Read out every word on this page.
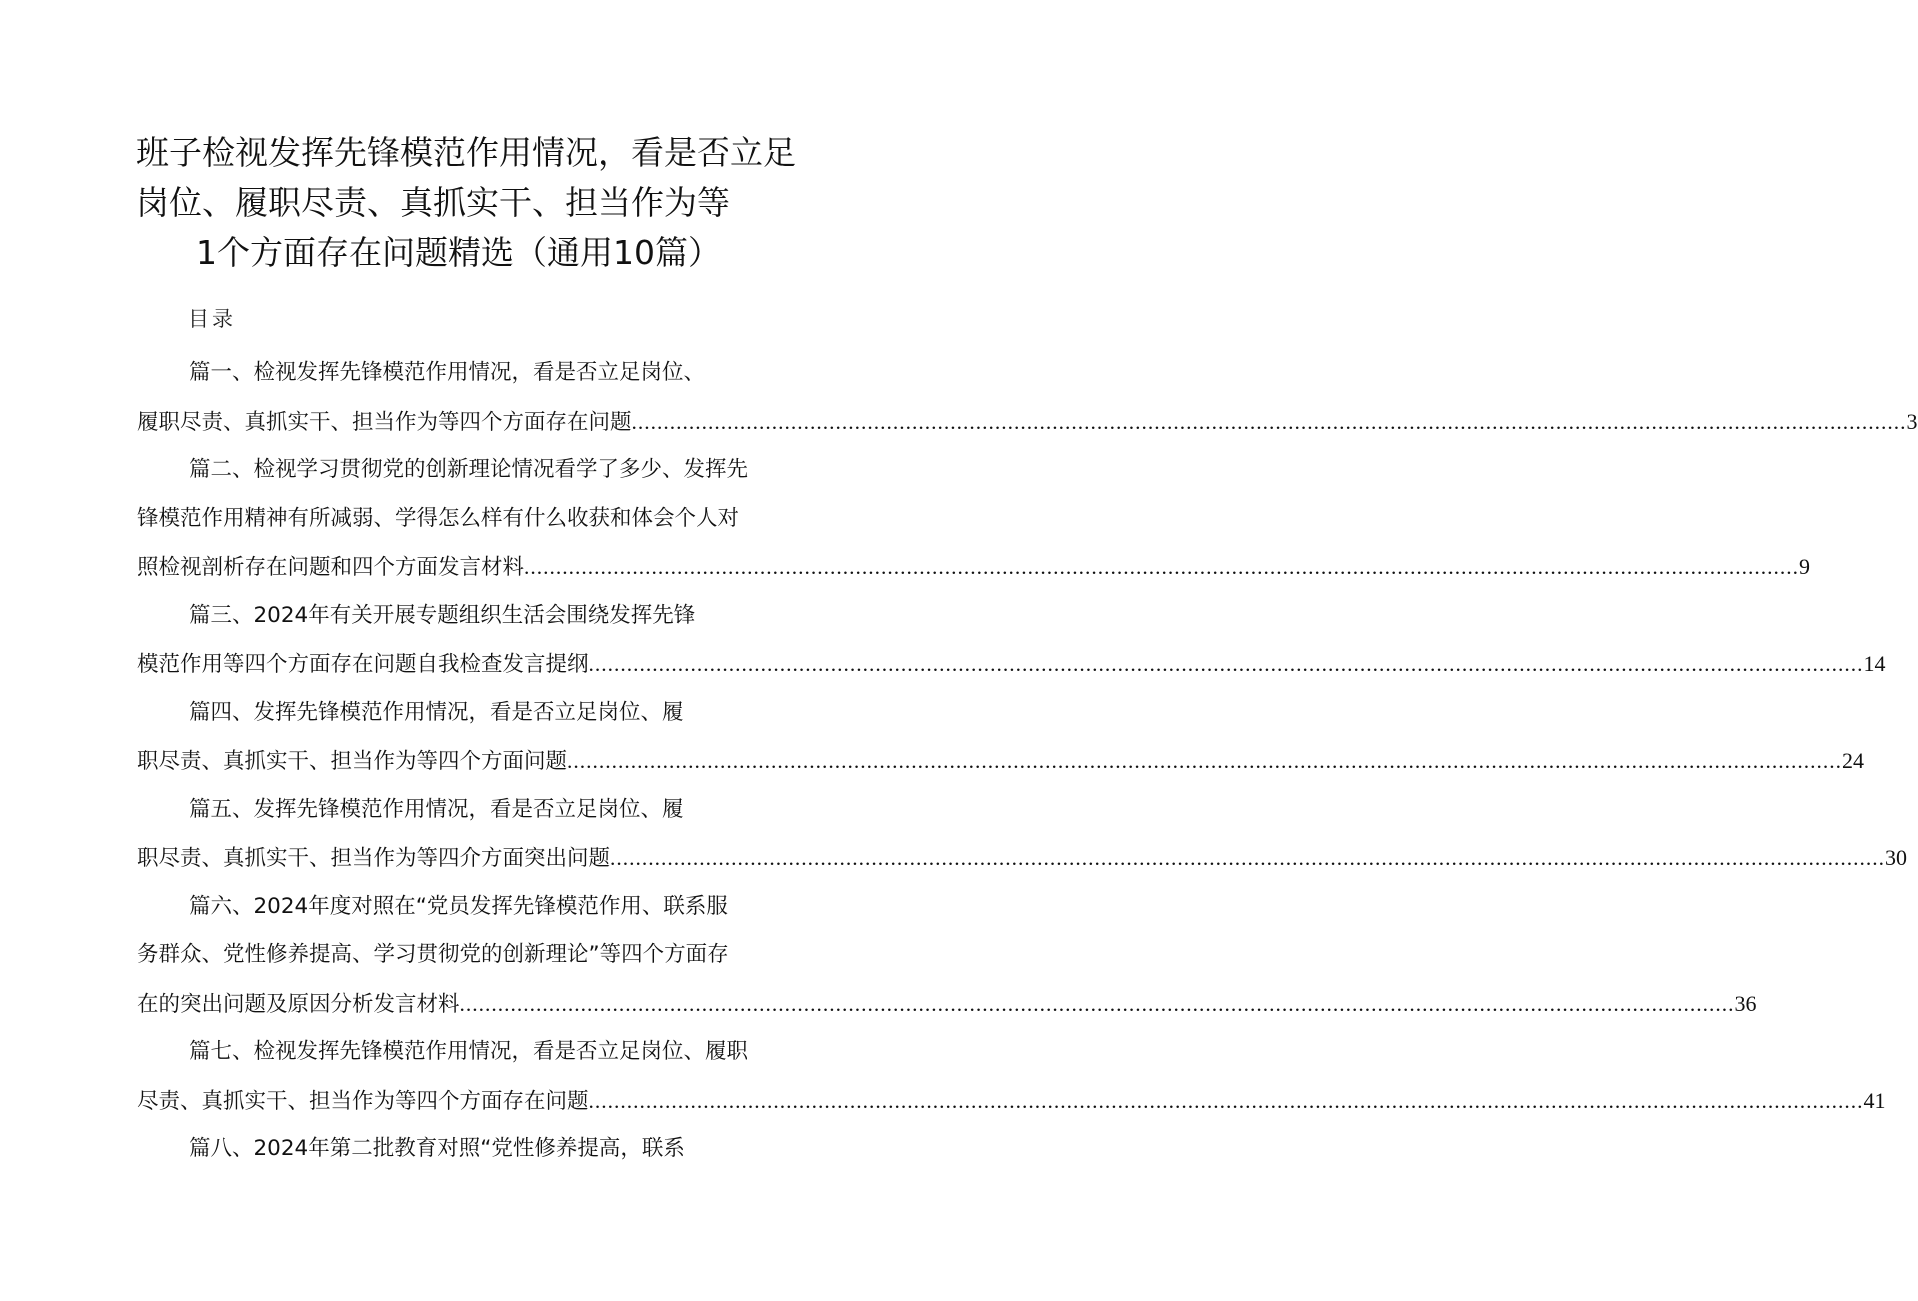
班子检视发挥先锋模范作用情况，看是否立足
岗位、履职尽责、真抓实干、担当作为等
1个方面存在问题精选（通用10篇）
目录
篇一、检视发挥先锋模范作用情况，看是否立足岗位、
履职尽责、真抓实干、担当作为等四个方面存在问题 ........................................................................................................................................................................................................ 3
篇二、检视学习贯彻党的创新理论情况看学了多少、发挥先
锋模范作用精神有所减弱、学得怎么样有什么收获和体会个人对
照检视剖析存在问题和四个方面发言材料 ........................................................................................................................................................................................................ 9
篇三、2024年有关开展专题组织生活会围绕发挥先锋
模范作用等四个方面存在问题自我检查发言提纲 ........................................................................................................................................................................................................ 14
篇四、发挥先锋模范作用情况，看是否立足岗位、履
职尽责、真抓实干、担当作为等四个方面问题 ........................................................................................................................................................................................................ 24
篇五、发挥先锋模范作用情况，看是否立足岗位、履
职尽责、真抓实干、担当作为等四介方面突出问题 ........................................................................................................................................................................................................ 30
篇六、2024年度对照在“党员发挥先锋模范作用、联系服
务群众、党性修养提高、学习贯彻党的创新理论”等四个方面存
在的突出问题及原因分析发言材料 ........................................................................................................................................................................................................ 36
篇七、检视发挥先锋模范作用情况，看是否立足岗位、履职
尽责、真抓实干、担当作为等四个方面存在问题 ........................................................................................................................................................................................................ 41
篇八、2024年第二批教育对照“党性修养提高，联系
